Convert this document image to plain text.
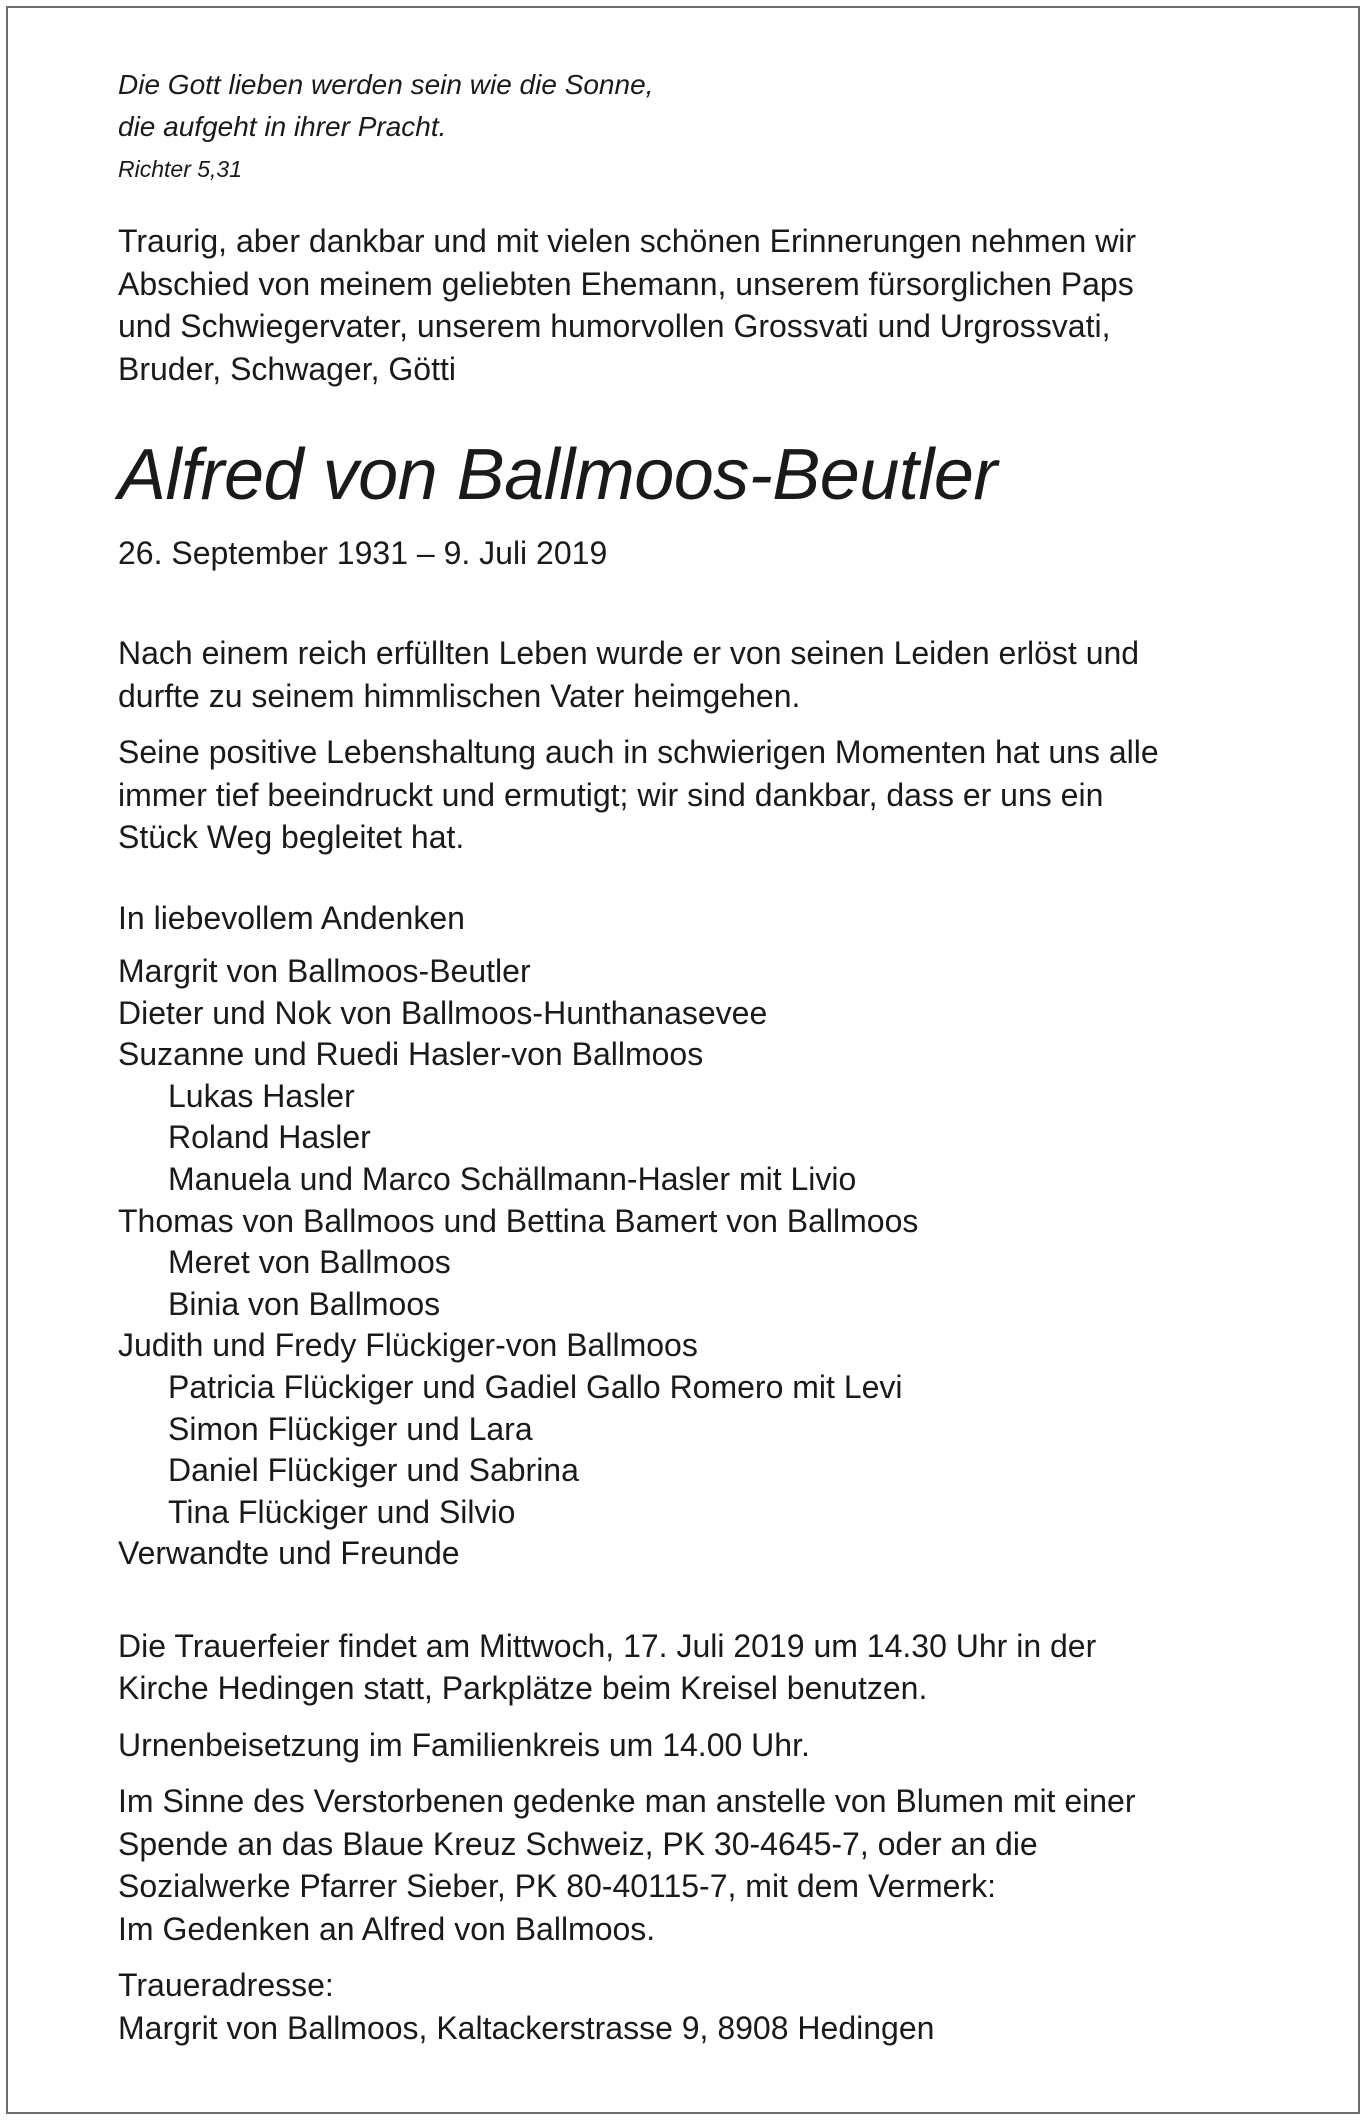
Die Gott lieben werden sein wie die Sonne,
die aufgeht in ihrer Pracht.
Richter 5,31
Traurig, aber dankbar und mit vielen schönen Erinnerungen nehmen wir
Abschied von meinem geliebten Ehemann, unserem fürsorglichen Paps
und Schwiegervater, unserem humorvollen Grossvati und Urgrossvati,
Bruder, Schwager, Götti
Alfred von Ballmoos-Beutler
26. September 1931 – 9. Juli 2019
Nach einem reich erfüllten Leben wurde er von seinen Leiden erlöst und
durfte zu seinem himmlischen Vater heimgehen.
Seine positive Lebenshaltung auch in schwierigen Momenten hat uns alle
immer tief beeindruckt und ermutigt; wir sind dankbar, dass er uns ein
Stück Weg begleitet hat.
In liebevollem Andenken
Margrit von Ballmoos-Beutler
Dieter und Nok von Ballmoos-Hunthanasevee
Suzanne und Ruedi Hasler-von Ballmoos
Lukas Hasler
Roland Hasler
Manuela und Marco Schällmann-Hasler mit Livio
Thomas von Ballmoos und Bettina Bamert von Ballmoos
Meret von Ballmoos
Binia von Ballmoos
Judith und Fredy Flückiger-von Ballmoos
Patricia Flückiger und Gadiel Gallo Romero mit Levi
Simon Flückiger und Lara
Daniel Flückiger und Sabrina
Tina Flückiger und Silvio
Verwandte und Freunde
Die Trauerfeier findet am Mittwoch, 17. Juli 2019 um 14.30 Uhr in der
Kirche Hedingen statt, Parkplätze beim Kreisel benutzen.
Urnenbeisetzung im Familienkreis um 14.00 Uhr.
Im Sinne des Verstorbenen gedenke man anstelle von Blumen mit einer
Spende an das Blaue Kreuz Schweiz, PK 30-4645-7, oder an die
Sozialwerke Pfarrer Sieber, PK 80-40115-7, mit dem Vermerk:
Im Gedenken an Alfred von Ballmoos.
Traueradresse:
Margrit von Ballmoos, Kaltackerstrasse 9, 8908 Hedingen
